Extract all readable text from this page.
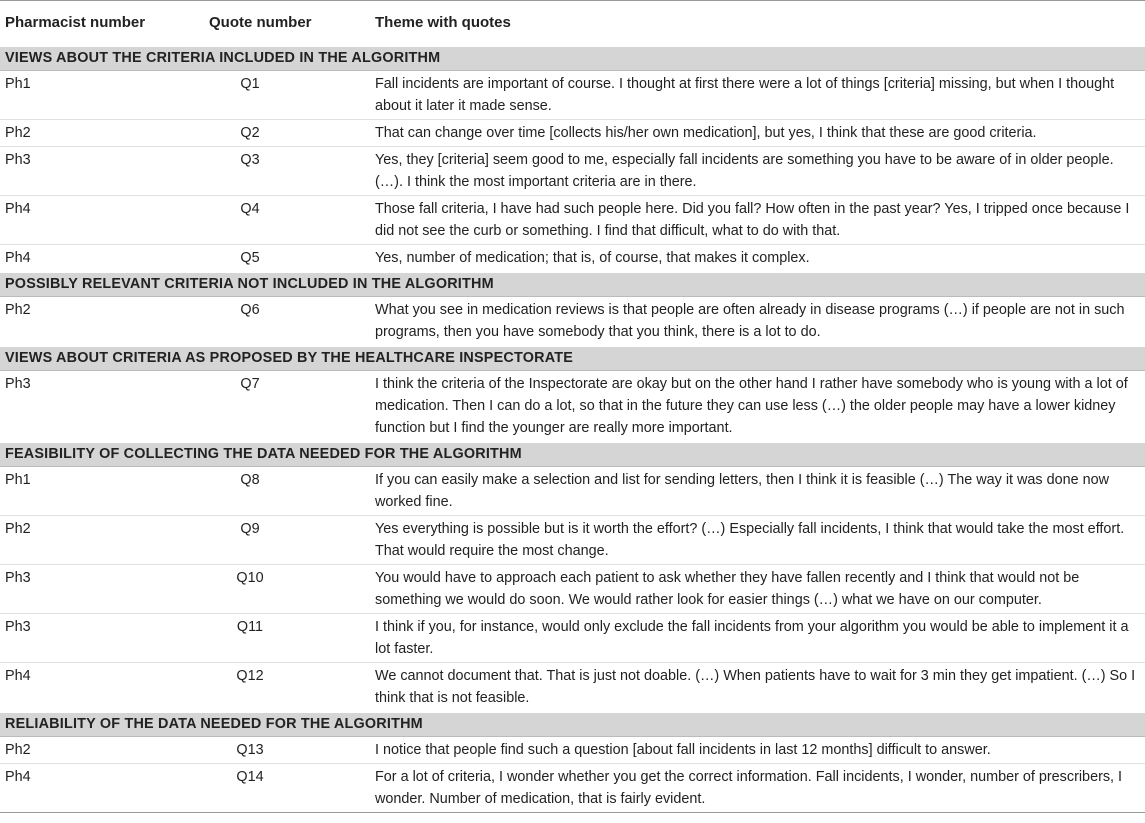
Pharmacist number	Quote number	Theme with quotes
VIEWS ABOUT THE CRITERIA INCLUDED IN THE ALGORITHM		
Ph1	Q1	Fall incidents are important of course. I thought at first there were a lot of things [criteria] missing, but when I thought about it later it made sense.
Ph2	Q2	That can change over time [collects his/her own medication], but yes, I think that these are good criteria.
Ph3	Q3	Yes, they [criteria] seem good to me, especially fall incidents are something you have to be aware of in older people. (…). I think the most important criteria are in there.
Ph4	Q4	Those fall criteria, I have had such people here. Did you fall? How often in the past year? Yes, I tripped once because I did not see the curb or something. I find that difficult, what to do with that.
Ph4	Q5	Yes, number of medication; that is, of course, that makes it complex.
POSSIBLY RELEVANT CRITERIA NOT INCLUDED IN THE ALGORITHM		
Ph2	Q6	What you see in medication reviews is that people are often already in disease programs (…) if people are not in such programs, then you have somebody that you think, there is a lot to do.
VIEWS ABOUT CRITERIA AS PROPOSED BY THE HEALTHCARE INSPECTORATE		
Ph3	Q7	I think the criteria of the Inspectorate are okay but on the other hand I rather have somebody who is young with a lot of medication. Then I can do a lot, so that in the future they can use less (…) the older people may have a lower kidney function but I find the younger are really more important.
FEASIBILITY OF COLLECTING THE DATA NEEDED FOR THE ALGORITHM		
Ph1	Q8	If you can easily make a selection and list for sending letters, then I think it is feasible (…) The way it was done now worked fine.
Ph2	Q9	Yes everything is possible but is it worth the effort? (…) Especially fall incidents, I think that would take the most effort. That would require the most change.
Ph3	Q10	You would have to approach each patient to ask whether they have fallen recently and I think that would not be something we would do soon. We would rather look for easier things (…) what we have on our computer.
Ph3	Q11	I think if you, for instance, would only exclude the fall incidents from your algorithm you would be able to implement it a lot faster.
Ph4	Q12	We cannot document that. That is just not doable. (…) When patients have to wait for 3 min they get impatient. (…) So I think that is not feasible.
RELIABILITY OF THE DATA NEEDED FOR THE ALGORITHM		
Ph2	Q13	I notice that people find such a question [about fall incidents in last 12 months] difficult to answer.
Ph4	Q14	For a lot of criteria, I wonder whether you get the correct information. Fall incidents, I wonder, number of prescribers, I wonder. Number of medication, that is fairly evident.
